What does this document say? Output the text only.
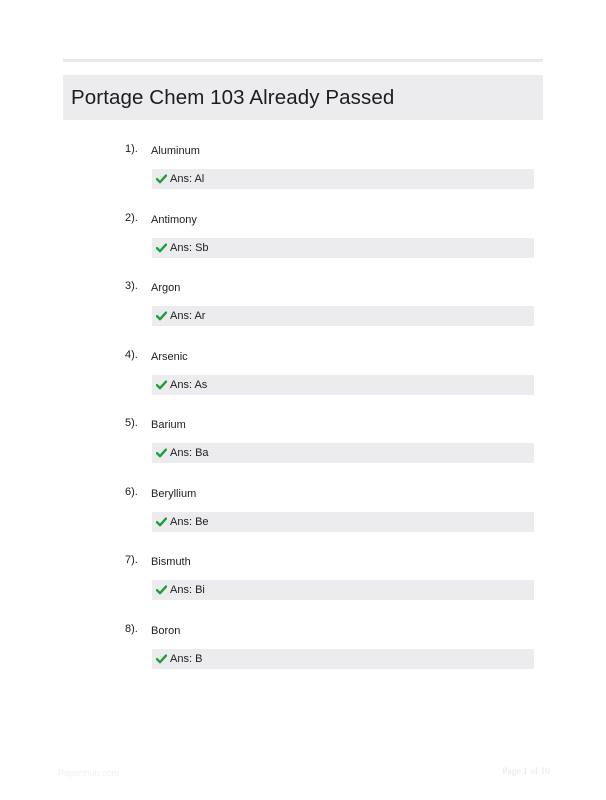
Portage Chem 103 Already Passed
1). Aluminum
Ans: Al
2). Antimony
Ans: Sb
3). Argon
Ans: Ar
4). Arsenic
Ans: As
5). Barium
Ans: Ba
6). Beryllium
Ans: Be
7). Bismuth
Ans: Bi
8). Boron
Ans: B
Paperthub.com	Page 1 of 10
